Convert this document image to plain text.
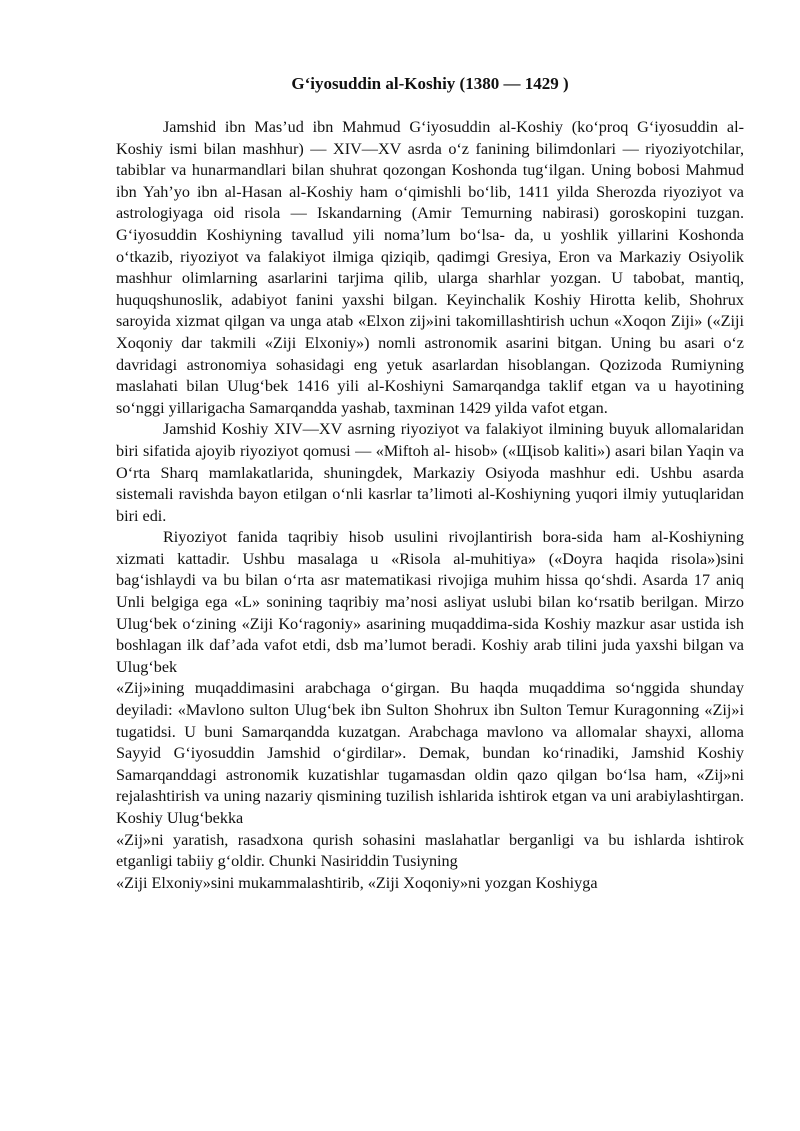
G‘iyosuddin al-Koshiy (1380 — 1429 )

Jamshid ibn Mas’ud ibn Mahmud G‘iyosuddin al-Koshiy (ko‘proq G‘iyosuddin al-Koshiy ismi bilan mashhur) — XIV—XV asrda o‘z fanining bilimdonlari — riyoziyotchilar, tabiblar va hunarmandlari bilan shuhrat qozongan Koshonda tug‘ilgan. Uning bobosi Mahmud ibn Yah’yo ibn al-Hasan al-Koshiy ham o‘qimishli bo‘lib, 1411 yilda Sherozda riyoziyot va astrologiyaga oid risola — Iskandarning (Amir Temurning nabirasi) goroskopini tuzgan. G‘iyosuddin Koshiyning tavallud yili noma’lum bo‘lsa- da, u yoshlik yillarini Koshonda o‘tkazib, riyoziyot va falakiyot ilmiga qiziqib, qadimgi Gresiya, Eron va Markaziy Osiyolik mashhur olimlarning asarlarini tarjima qilib, ularga sharhlar yozgan. U tabobat, mantiq, huquqshunoslik, adabiyot fanini yaxshi bilgan. Keyinchalik Koshiy Hirotta kelib, Shohrux saroyida xizmat qilgan va unga atab «Elxon zij»ini takomillashtirish uchun «Xoqon Ziji» («Ziji Xoqoniy dar takmili «Ziji Elxoniy») nomli astronomik asarini bitgan. Uning bu asari o‘z davridagi astronomiya sohasidagi eng yetuk asarlardan hisoblangan. Qozizoda Rumiyning maslahati bilan Ulug‘bek 1416 yili al-Koshiyni Samarqandga taklif etgan va u hayotining so‘nggi yillarigacha Samarqandda yashab, taxminan 1429 yilda vafot etgan.

Jamshid Koshiy XIV—XV asrning riyoziyot va falakiyot ilmining buyuk allomalaridan biri sifatida ajoyib riyoziyot qomusi — «Miftoh al- hisob» («Щisob kaliti») asari bilan Yaqin va O‘rta Sharq mamlakatlarida, shuningdek, Markaziy Osiyoda mashhur edi. Ushbu asarda sistemali ravishda bayon etilgan o‘nli kasrlar ta’limoti al-Koshiyning yuqori ilmiy yutuqlaridan biri edi.

Riyoziyot fanida taqribiy hisob usulini rivojlantirish bora-sida ham al-Koshiyning xizmati kattadir. Ushbu masalaga u «Risola al-muhitiya» («Doyra haqida risola»)sini bag‘ishlaydi va bu bilan o‘rta asr matematikasi rivojiga muhim hissa qo‘shdi. Asarda 17 aniq Unli belgiga ega «L» sonining taqribiy ma’nosi asliyat uslubi bilan ko‘rsatib berilgan. Mirzo Ulug‘bek o‘zining «Ziji Ko‘ragoniy» asarining muqaddima-sida Koshiy mazkur asar ustida ish boshlagan ilk daf’ada vafot etdi, dsb ma’lumot beradi. Koshiy arab tilini juda yaxshi bilgan va Ulug‘bek

«Zij»ining muqaddimasini arabchaga o‘girgan. Bu haqda muqaddima so‘nggida shunday deyiladi: «Mavlono sulton Ulug‘bek ibn Sulton Shohrux ibn Sulton Temur Kuragonning «Zij»i tugatidsi. U buni Samarqandda kuzatgan. Arabchaga mavlono va allomalar shayxi, alloma Sayyid G‘iyosuddin Jamshid o‘girdilar». Demak, bundan ko‘rinadiki, Jamshid Koshiy Samarqanddagi astronomik kuzatishlar tugamasdan oldin qazo qilgan bo‘lsa ham, «Zij»ni rejalashtirish va uning nazariy qismining tuzilish ishlarida ishtirok etgan va uni arabiylashtirgan. Koshiy Ulug‘bekka

«Zij»ni yaratish, rasadxona qurish sohasini maslahatlar berganligi va bu ishlarda ishtirok etganligi tabiiy g‘oldir. Chunki Nasiriddin Tusiyning

«Ziji Elxoniy»sini mukammalashtirib, «Ziji Xoqoniy»ni yozgan Koshiyga
